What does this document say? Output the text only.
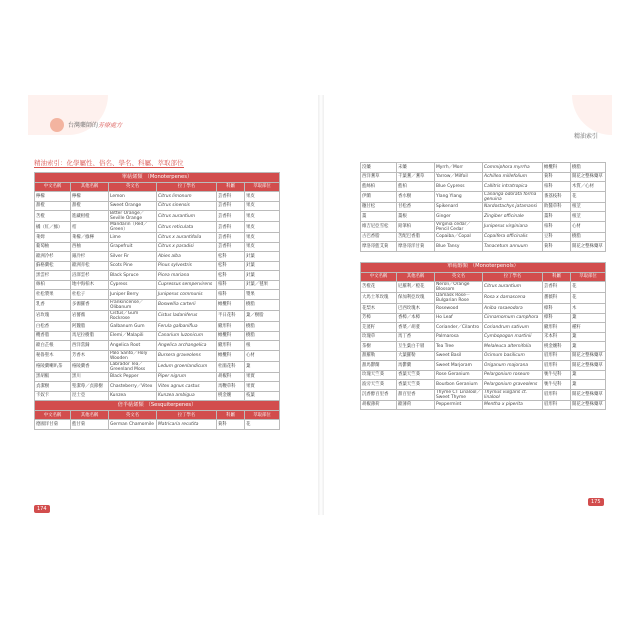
台灣藥師的芳療處方
精油索引
精油索引：化學屬性、俗名、學名、科屬、萃取部位
單萜烯類 （Monoterpenes）					
中文名稱	其他名稱	英文名	拉丁學名	科屬	萃取部位
檸檬	檸檬	Lemon	Citrus limonum	芸香科	果皮
甜橙	甜橙	Sweet Orange	Citrus sinensis	芸香科	果皮
苦橙	進藏柑橙	Bitter Orange／Seville Orange	Citrus aurantium	芸香科	果皮
橘（紅／綠）	桔	Mandarin（Red／Green）	Citrus reticulata	芸香科	果皮
萊姆	萊檬／綠檸	Lime	Citrus x aurantifolia	芸香科	果皮
葡萄柚	西柚	Grapefruit	Citrus x paradisi	芸香科	果皮
歐洲冷杉	銀冷杉	Silver Fir	Abies alba	松科	針葉
蘇格蘭松	歐洲赤松	Scots Pine	Pinus sylvestris	松科	針葉
黑雲杉	沼澤雲杉	Black Spruce	Picea mariana	松科	針葉
絲柏	地中海柏木	Cypress	Cupressus sempervirens	柏科	針葉／毬果
杜松漿果	杜松子	Juniper Berry	Juniperus communis	柏科	漿果
乳香	多伽羅香	Frankincense／Olibanum	Boswellia carterii	橄欖科	樹脂
岩玫瑰	岩薔薇	Cistus／Gum Rockrose	Cistus ladaniferus	半日花科	葉／樹脂
白松香	阿魏脂	Galbanum Gum	Ferula galbaniflua	繖形科	樹脂
欖香脂	馬尼拉樹脂	Elemi／Malapili	Canarium luzonicum	橄欖科	樹脂
歐白芷根	西洋當歸	Angelica Root	Angelica archangelica	繖形科	根
秘魯聖木	芳香木	Palo Santo／Holy Wooden	Bursera graveolens	橄欖科	心材
格陵蘭喇叭茶	格陵蘭香	Labrador Tea／Greenland Moss	Ledum groenlandicum	杜鵑花科	葉
黑胡椒	黑川	Black Pepper	Piper nigrum	胡椒科	果實
貞潔樹	聖潔莓／貞節樹	Chasteberry／Vitex	Vitex agnus castus	馬鞭草科	果實
卡奴卡	昆士亞	Kunzea	Kunzea ambigua	桃金孃	枝葉
倍半萜烯類 （Sesquiterpenes）					
中文名稱	其他名稱	英文名	拉丁學名	科屬	萃取部位
德國洋甘菊	藍甘菊	German Chamomile	Matricaria recutita	菊科	花
沒藥	末藥	Myrrh／Morr	Commiphora myrrha	橄欖科	樹脂
西洋蓍草	千葉蓍／蓍草	Yarrow／Milfoil	Achillea millefolium	菊科	開花之整株藥草
藍絲柏	藍柏	Blue Cypress	Callitris intratropica	柏科	木質／心材
伊蘭	香水樹	Ylang Ylang	Cananga odorata forma genuina	番荔枝科	花
穗甘松	甘松香	Spikenard	Nardostachys jatamansi	敗醬草科	根莖
薑	薑根	Ginger	Zingiber officinale	薑科	根莖
維吉尼亞雪松	鉛筆柏	Virginia cedar／Pencil Cedar	Juniperus virginiana	柏科	心材
古巴香脂	苦配巴香脂	Copaiba／Copal	Copaifera officinalis	豆科	樹脂
摩洛哥藍艾菊	摩洛哥洋甘菊	Blue Tansy	Tanacetum annuum	菊科	開花之整株藥草

單萜醇類 （Monoterpenols）					
中文名稱	其他名稱	英文名	拉丁學名	科屬	萃取部位
苦橙花	尼羅利／橙花	Neroli／Orange Blossom	Citrus aurantium	芸香科	花
大馬士革玫瑰	保加利亞玫瑰	Damask Rose－Bulgarian Rose	Rosa x damascena	薔薇科	花
花梨木	巴西玫瑰木	Rosewood	Aniba rosaeodora	樟科	木
芳樟	香樟／本樟	Ho Leaf	Cinnamomum camphora	樟科	葉
芫荽籽	香菜／胡荽	Coriander／Cilantro	Coriandrum sativum	繖形科	種籽
玫瑰草	馬丁香	Palmarosa	Cymbopogon martinii	禾本科	葉
茶樹	互生葉白千層	Tea Tree	Melaleuca alternifolia	桃金孃科	葉
甜羅勒	大葉羅勒	Sweet Basil	Ocimum basilicum	唇形科	開花之整株藥草
甜馬鬱蘭	馬鬱蘭	Sweet Marjoram	Origanum majorana	唇形科	開花之整株藥草
玫瑰天竺葵	香葉天竺葵	Rose Geranium	Pelargonium roseum	牻牛兒科	葉
波旁天竺葵	香葉天竺葵	Bourbon Geranium	Pelargonium graveolens	牻牛兒科	葉
沉香醇百里香	甜百里香	Thyme CT Linalool／Sweet Thyme	Thymus vulgaris ct. linalool	唇形科	開花之整株藥草
胡椒薄荷	歐薄荷	Peppermint	Mentha x piperita	唇形科	開花之整株藥草
174
175
